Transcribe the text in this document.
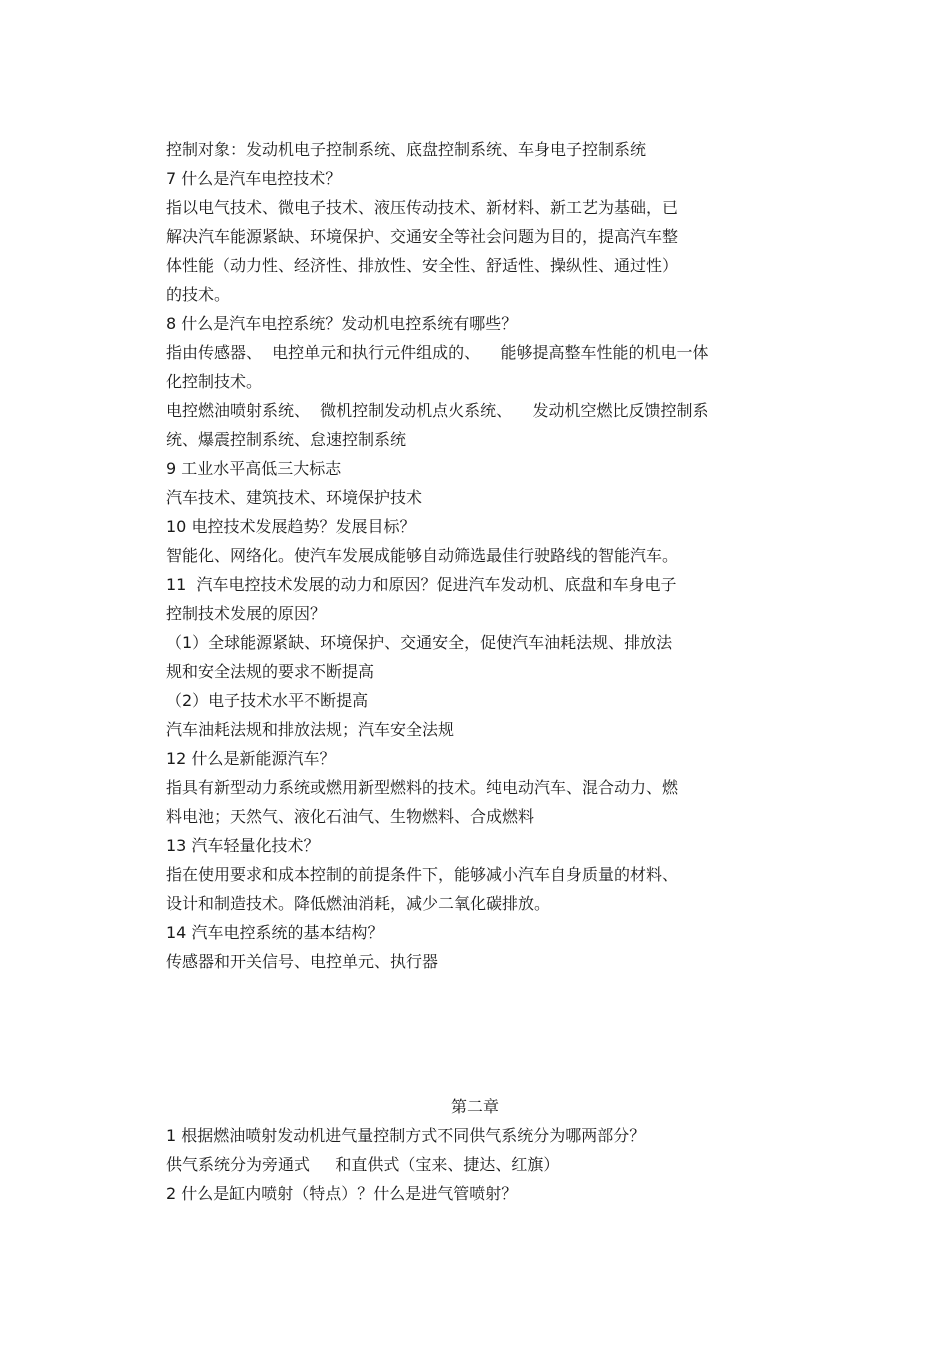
控制对象：发动机电子控制系统、底盘控制系统、车身电子控制系统
7 什么是汽车电控技术？
指以电气技术、微电子技术、液压传动技术、新材料、新工艺为基础，已
解决汽车能源紧缺、环境保护、交通安全等社会问题为目的，提高汽车整
体性能（动力性、经济性、排放性、安全性、舒适性、操纵性、通过性）
的技术。
8 什么是汽车电控系统？发动机电控系统有哪些？
指由传感器、  电控单元和执行元件组成的、    能够提高整车性能的机电一体
化控制技术。
电控燃油喷射系统、  微机控制发动机点火系统、    发动机空燃比反馈控制系
统、爆震控制系统、怠速控制系统
9 工业水平高低三大标志
汽车技术、建筑技术、环境保护技术
10 电控技术发展趋势？发展目标？
智能化、网络化。使汽车发展成能够自动筛选最佳行驶路线的智能汽车。
11  汽车电控技术发展的动力和原因？促进汽车发动机、底盘和车身电子
控制技术发展的原因？
（1）全球能源紧缺、环境保护、交通安全，促使汽车油耗法规、排放法
规和安全法规的要求不断提高
（2）电子技术水平不断提高
汽车油耗法规和排放法规；汽车安全法规
12 什么是新能源汽车？
指具有新型动力系统或燃用新型燃料的技术。纯电动汽车、混合动力、燃
料电池；天然气、液化石油气、生物燃料、合成燃料
13 汽车轻量化技术？
指在使用要求和成本控制的前提条件下，能够减小汽车自身质量的材料、
设计和制造技术。降低燃油消耗，减少二氧化碳排放。
14 汽车电控系统的基本结构？
传感器和开关信号、电控单元、执行器
第二章
1 根据燃油喷射发动机进气量控制方式不同供气系统分为哪两部分？
供气系统分为旁通式     和直供式（宝来、捷达、红旗）
2 什么是缸内喷射（特点）？什么是进气管喷射？
